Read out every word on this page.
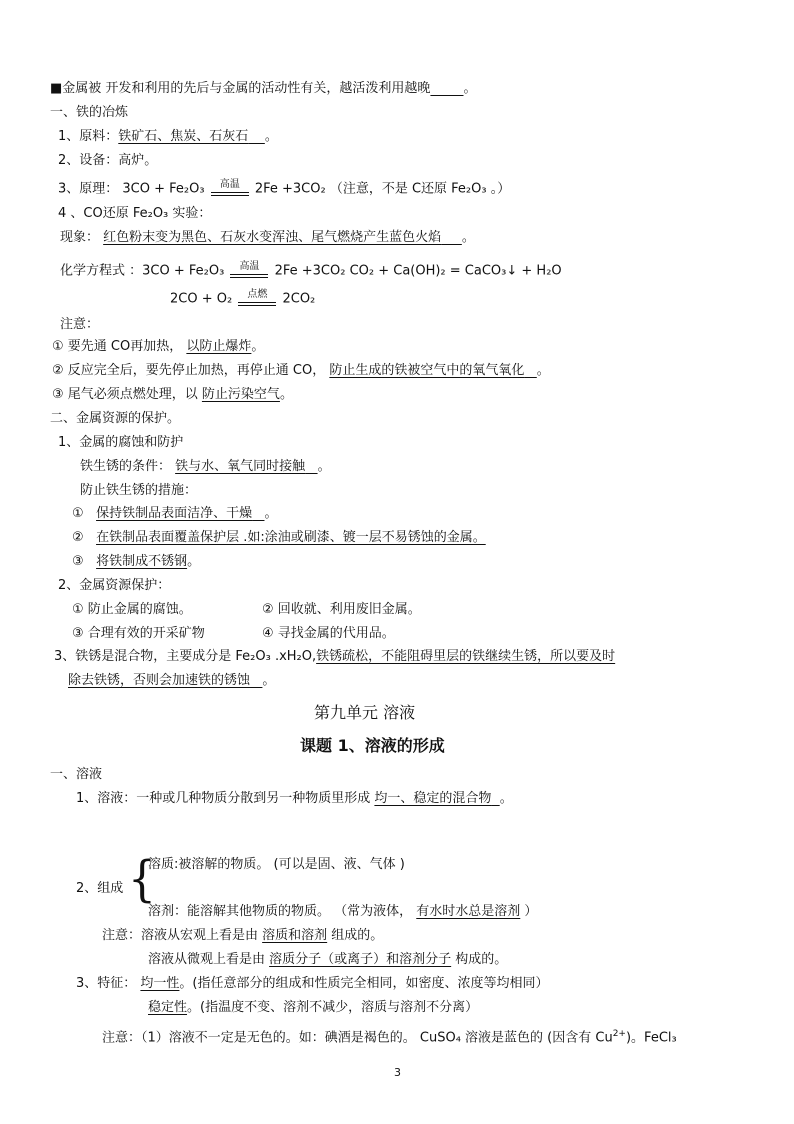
■金属被 开发和利用的先后与金属的活动性有关，越活泼利用越晚	。
一、铁的冶炼
1、原料：铁矿石、焦炭、石灰石 。
2、设备：高炉。
3、原理： 3CO + Fe₂O₃	高温	2Fe +3CO₂ （注意，不是 C还原 Fe₂O₃ 。）
4 、CO还原 Fe₂O₃ 实验：
现象： 红色粉末变为黑色、石灰水变浑浊、尾气燃烧产生蓝色火焰 。
化学方程式 ：3CO + Fe₂O₃	高温	2Fe +3CO₂ CO₂ + Ca(OH)₂ = CaCO₃↓ + H₂O
2CO + O₂	点燃	2CO₂
注意：
① 要先通 CO再加热， 以防止爆炸。
② 反应完全后，要先停止加热，再停止通 CO， 防止生成的铁被空气中的氧气氧化 。
③ 尾气必须点燃处理，以 防止污染空气。
二、金属资源的保护。
1、金属的腐蚀和防护
铁生锈的条件： 铁与水、氧气同时接触 。
防止铁生锈的措施：
① 保持铁制品表面洁净、干燥 。
② 在铁制品表面覆盖保护层 .如:涂油或刷漆、镀一层不易锈蚀的金属。
③ 将铁制成不锈钢。
2、金属资源保护：
① 防止金属的腐蚀。	② 回收就、利用废旧金属。
③ 合理有效的开采矿物	④ 寻找金属的代用品。
3、铁锈是混合物，主要成分是 Fe₂O₃ .xH₂O,铁锈疏松，不能阻碍里层的铁继续生锈，所以要及时
除去铁锈，否则会加速铁的锈蚀 。
第九单元 溶液
课题 1、溶液的形成
一、溶液
1、溶液：一种或几种物质分散到另一种物质里形成 均一、稳定的混合物 。
2、组成 {
溶质:被溶解的物质。 (可以是固、液、气体 )
溶剂：能溶解其他物质的物质。 （常为液体， 有水时水总是溶剂 ）
注意：溶液从宏观上看是由 溶质和溶剂 组成的。
溶液从微观上看是由 溶质分子（或离子）和溶剂分子 构成的。
3、特征： 均一性。(指任意部分的组成和性质完全相同，如密度、浓度等均相同）
稳定性。(指温度不变、溶剂不减少，溶质与溶剂不分离）
注意：（1）溶液不一定是无色的。如：碘酒是褐色的。 CuSO₄ 溶液是蓝色的 (因含有 $Cu^{2+}$)。FeCl₃
3
